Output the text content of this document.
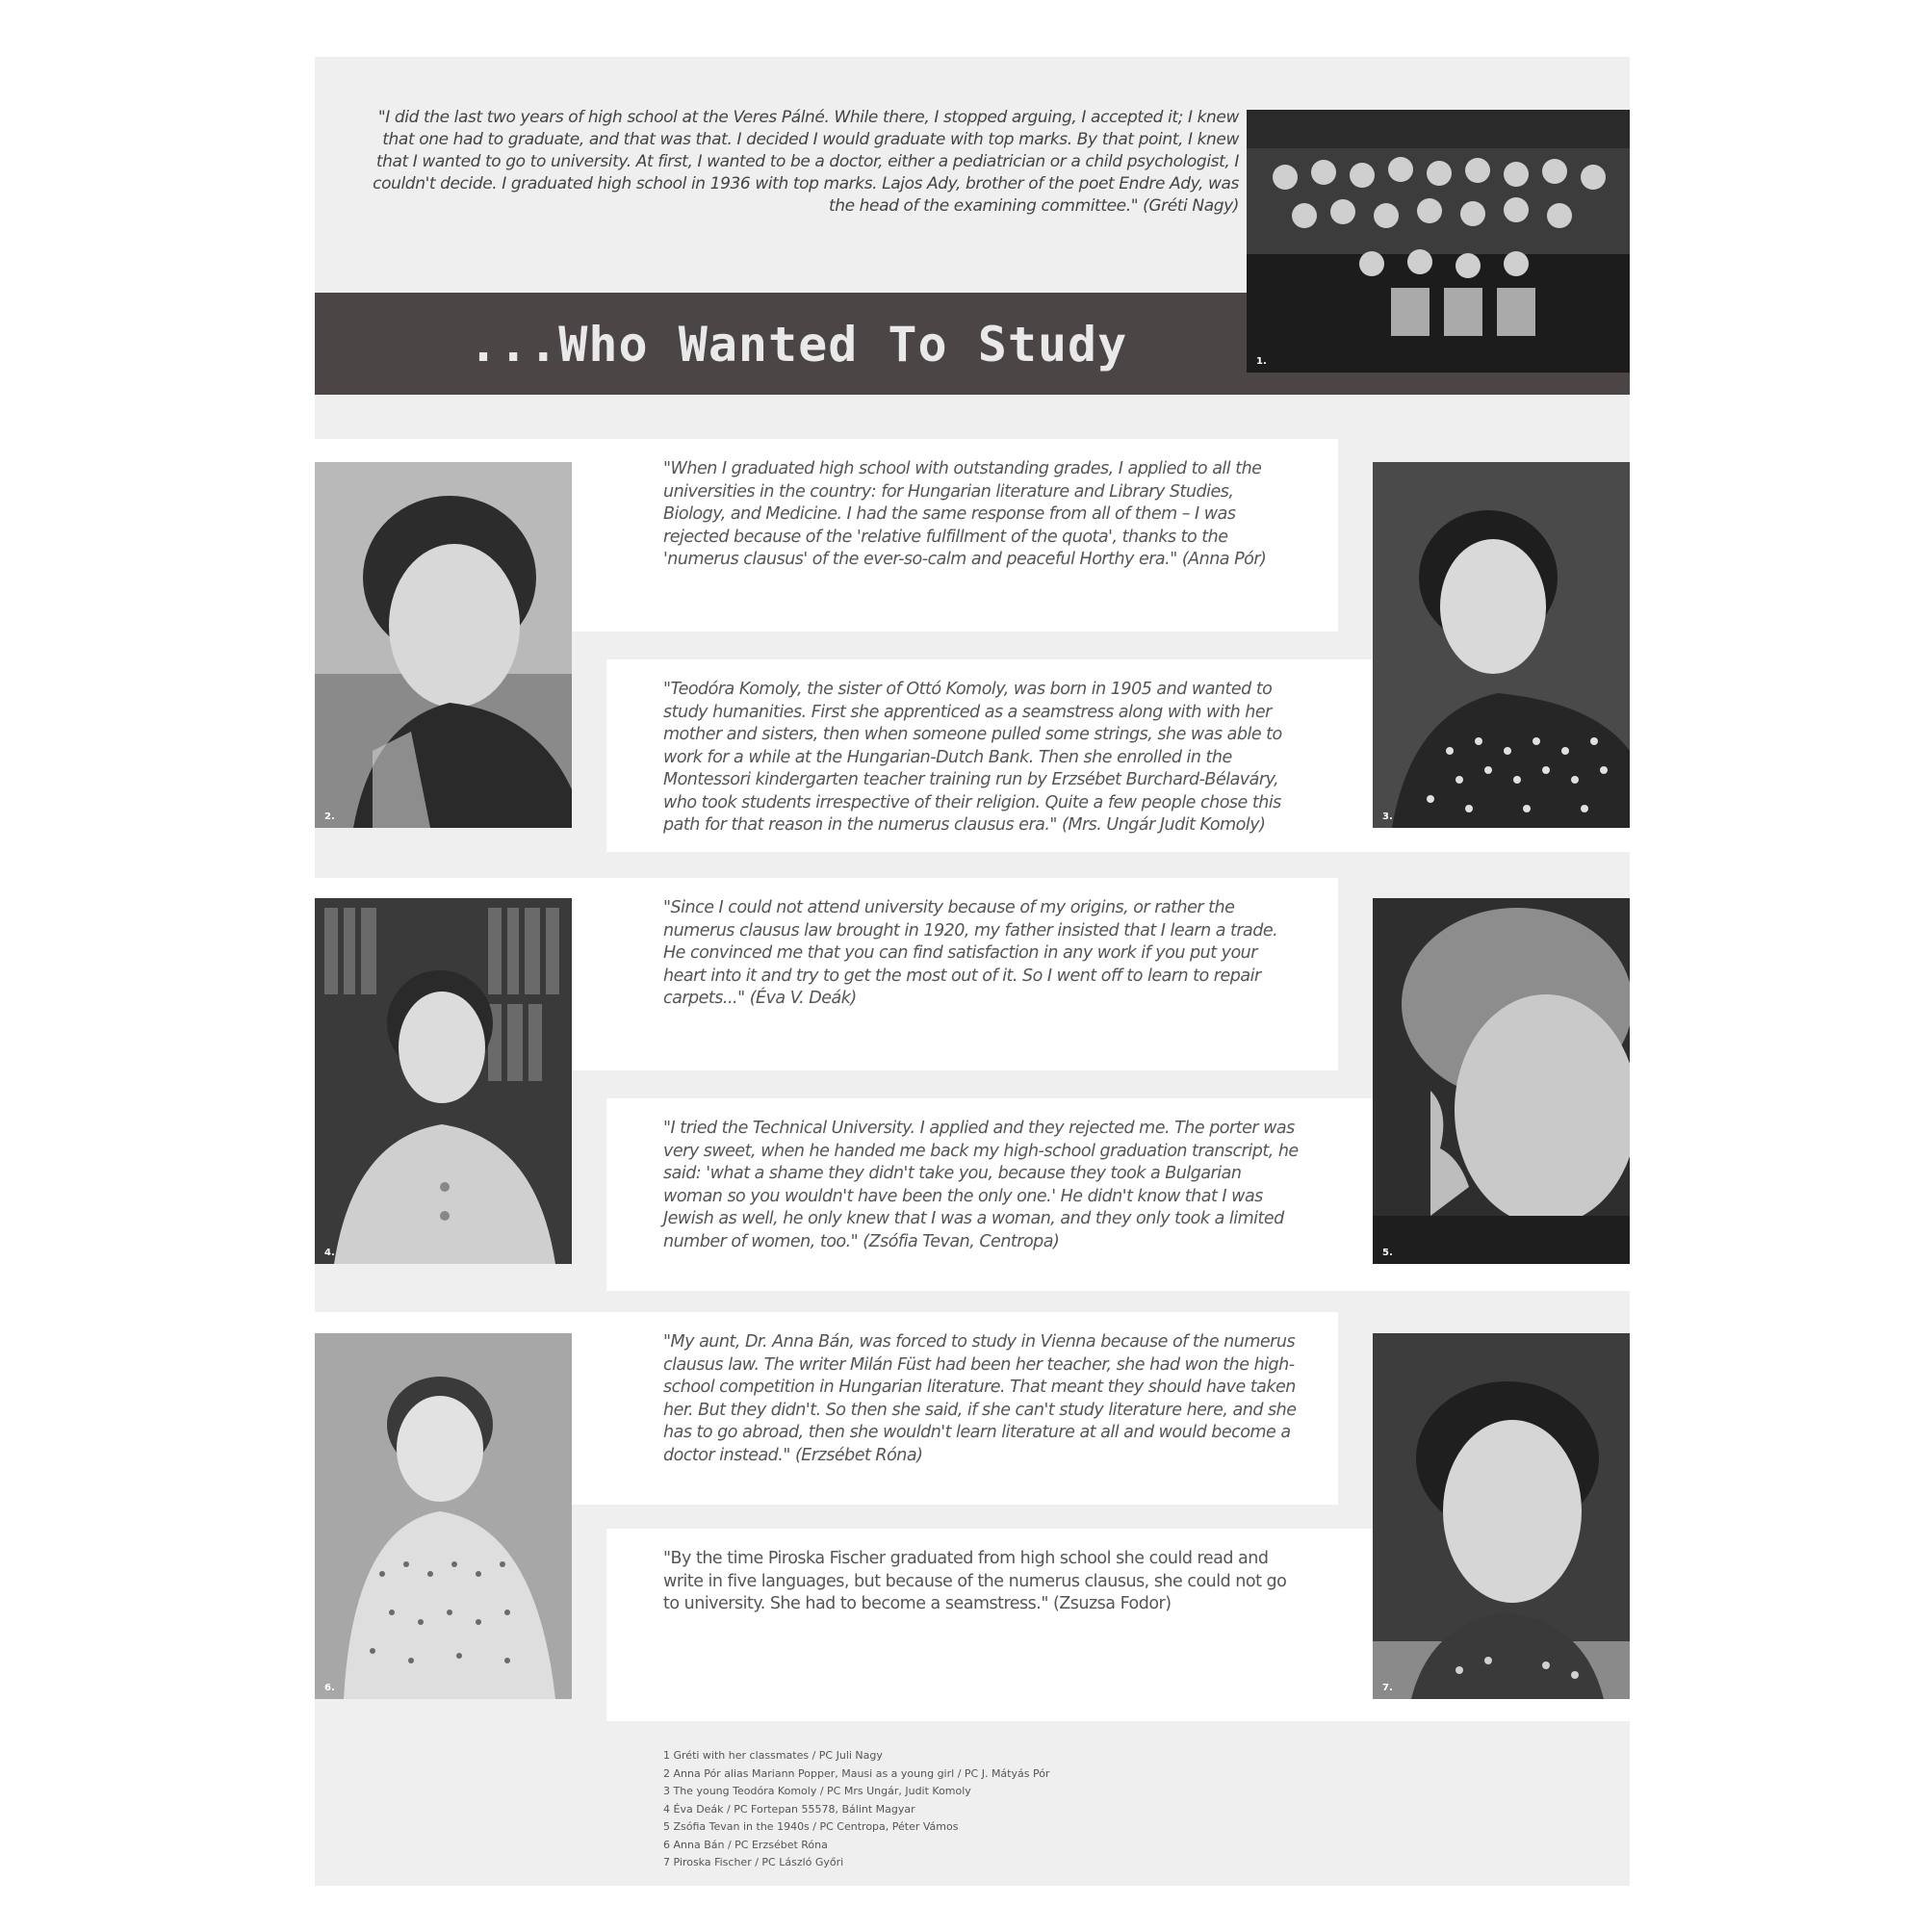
"I did the last two years of high school at the Veres Pálné. While there, I stopped arguing, I accepted it; I knew that one had to graduate, and that was that. I decided I would graduate with top marks. By that point, I knew that I wanted to go to university. At first, I wanted to be a doctor, either a pediatrician or a child psychologist, I couldn't decide. I graduated high school in 1936 with top marks. Lajos Ady, brother of the poet Endre Ady, was the head of the examining committee." (Gréti Nagy)
...Who Wanted To Study	1.
"When I graduated high school with outstanding grades, I applied to all the universities in the country: for Hungarian literature and Library Studies, Biology, and Medicine. I had the same response from all of them – I was rejected because of the 'relative fulfillment of the quota', thanks to the 'numerus clausus' of the ever-so-calm and peaceful Horthy era." (Anna Pór)
"Teodóra Komoly, the sister of Ottó Komoly, was born in 1905 and wanted to study humanities. First she apprenticed as a seamstress along with with her mother and sisters, then when someone pulled some strings, she was able to work for a while at the Hungarian-Dutch Bank. Then she enrolled in the Montessori kindergarten teacher training run by Erzsébet Burchard-Bélaváry, who took students irrespective of their religion. Quite a few people chose this path for that reason in the numerus clausus era." (Mrs. Ungár Judit Komoly)
"Since I could not attend university because of my origins, or rather the numerus clausus law brought in 1920, my father insisted that I learn a trade. He convinced me that you can find satisfaction in any work if you put your heart into it and try to get the most out of it. So I went off to learn to repair carpets..." (Éva V. Deák)
"I tried the Technical University. I applied and they rejected me. The porter was very sweet, when he handed me back my high-school graduation transcript, he said: 'what a shame they didn't take you, because they took a Bulgarian woman so you wouldn't have been the only one.' He didn't know that I was Jewish as well, he only knew that I was a woman, and they only took a limited number of women, too." (Zsófia Tevan, Centropa)
"My aunt, Dr. Anna Bán, was forced to study in Vienna because of the numerus clausus law. The writer Milán Füst had been her teacher, she had won the high-school competition in Hungarian literature. That meant they should have taken her. But they didn't. So then she said, if she can't study literature here, and she has to go abroad, then she wouldn't learn literature at all and would become a doctor instead." (Erzsébet Róna)
"By the time Piroska Fischer graduated from high school she could read and write in five languages, but because of the numerus clausus, she could not go to university. She had to become a seamstress." (Zsuzsa Fodor)
2.	3.
4.	5.
6.	7.
1 Gréti with her classmates / PC Juli Nagy
2 Anna Pór alias Mariann Popper, Mausi as a young girl / PC J. Mátyás Pór
3 The young Teodóra Komoly / PC Mrs Ungár, Judit Komoly
4 Éva Deák / PC Fortepan 55578, Bálint Magyar
5 Zsófia Tevan in the 1940s / PC Centropa, Péter Vámos
6 Anna Bán / PC Erzsébet Róna
7 Piroska Fischer / PC László Győri
